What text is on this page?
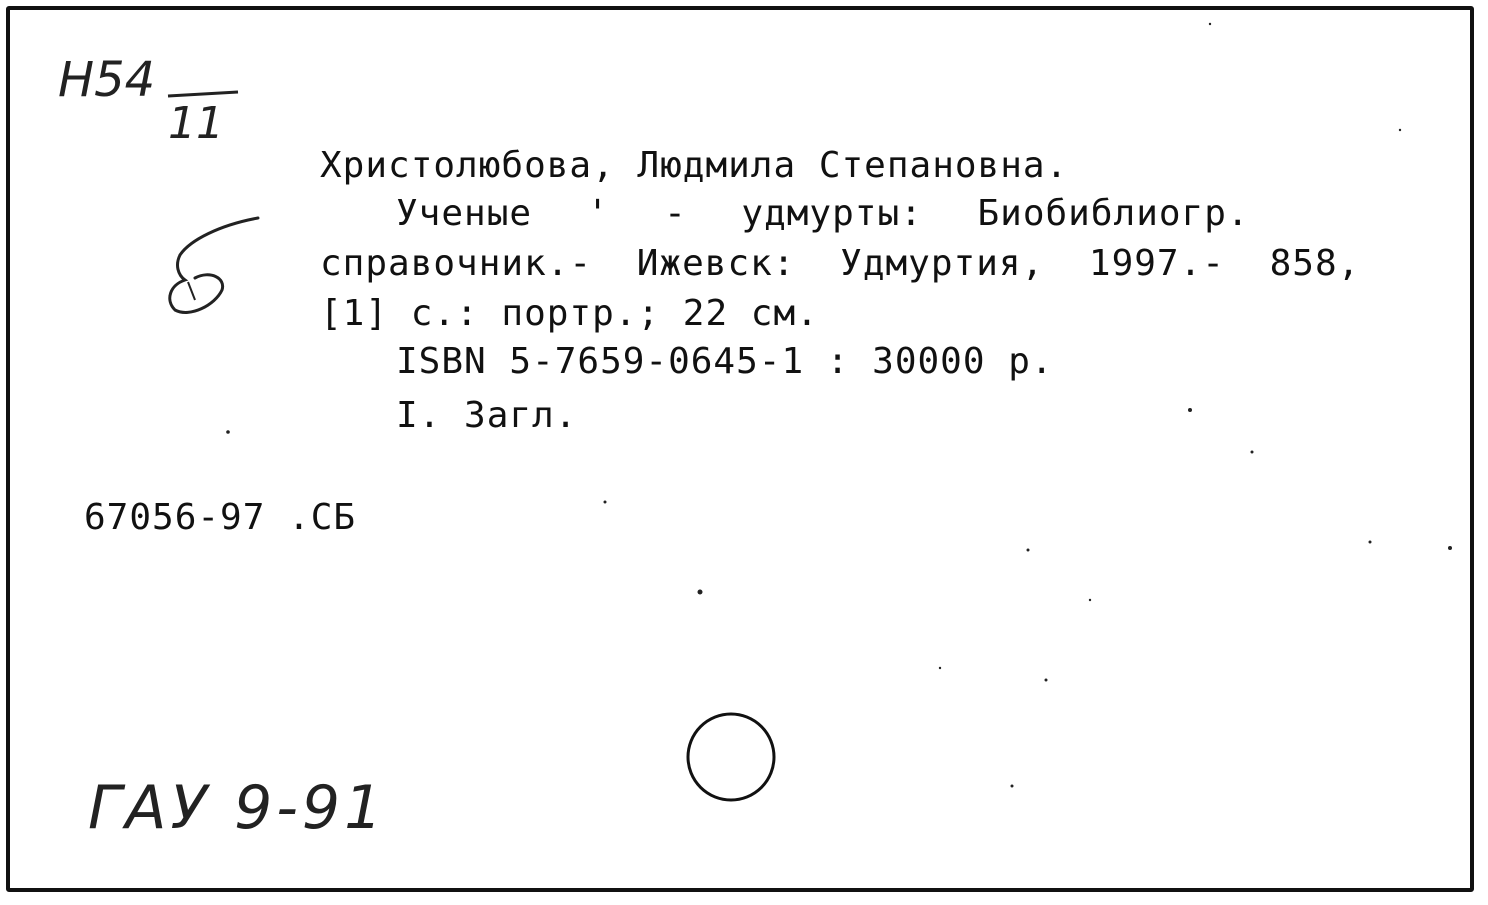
Н54
11
Христолюбова, Людмила Степановна.
Ученые ' - удмурты: Биобиблиогр.
справочник.- Ижевск: Удмуртия, 1997.- 858,
[1] с.: портр.; 22 см.
ISBN 5-7659-0645-1 : 30000 р.
I. Загл.
67056-97 .СБ
ГАУ 9-91
